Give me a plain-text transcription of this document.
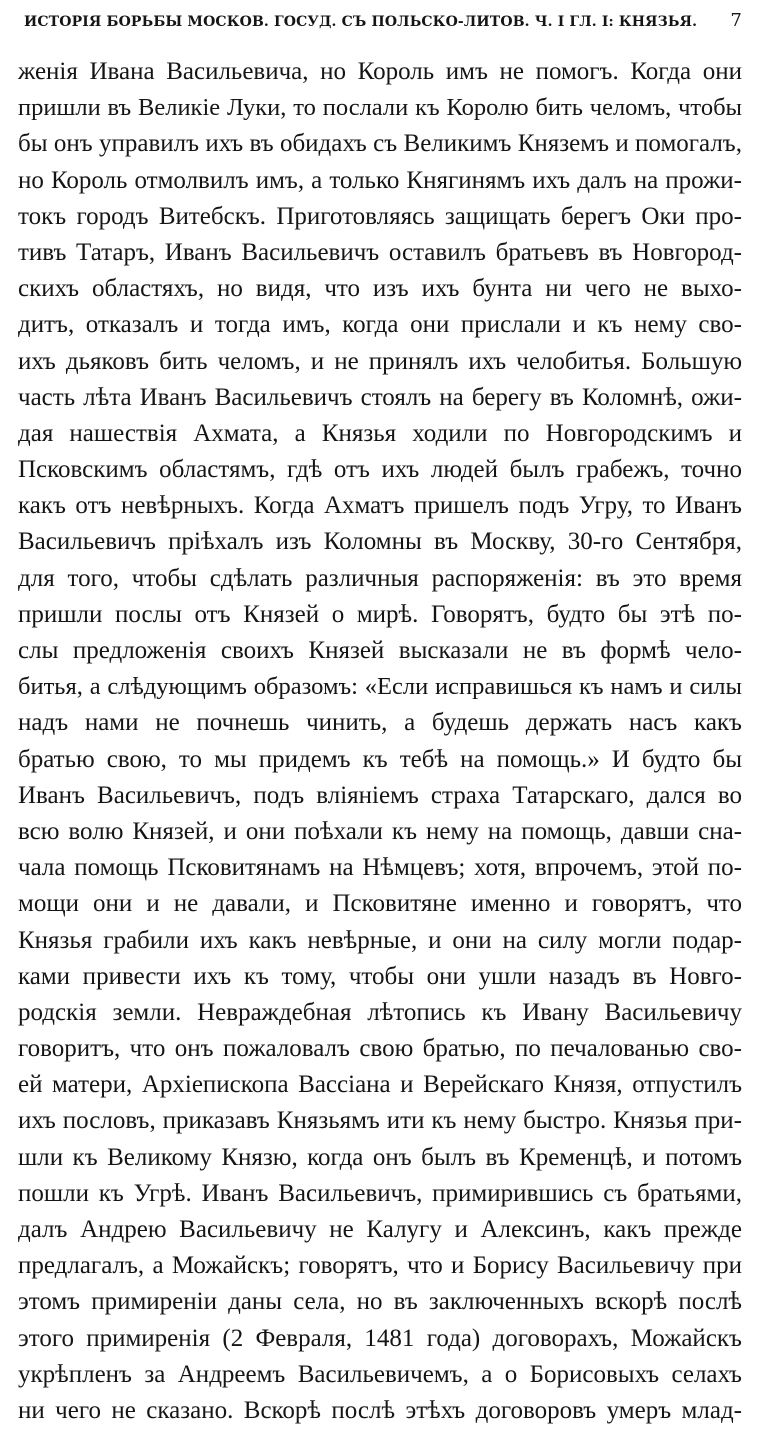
ИСТОРІЯ БОРЬБЫ МОСКОВ. ГОСУД. СЪ ПОЛЬСКО-ЛИТОВ. Ч. I ГЛ. I: КНЯЗЬЯ. 7
женія Ивана Васильевича, но Король имъ не помогъ. Когда они
пришли въ Великіе Луки, то послали къ Королю бить челомъ, чтобы
бы онъ управилъ ихъ въ обидахъ съ Великимъ Княземъ и помогалъ,
но Король отмолвилъ имъ, а только Княгинямъ ихъ далъ на прожи-
токъ городъ Витебскъ. Приготовляясь защищать берегъ Оки про-
тивъ Татаръ, Иванъ Васильевичъ оставилъ братьевъ въ Новгород-
скихъ областяхъ, но видя, что изъ ихъ бунта ни чего не выхо-
дитъ, отказалъ и тогда имъ, когда они прислали и къ нему сво-
ихъ дьяковъ бить челомъ, и не принялъ ихъ челобитья. Большую
часть лѣта Иванъ Васильевичъ стоялъ на берегу въ Коломнѣ, ожи-
дая нашествія Ахмата, а Князья ходили по Новгородскимъ и
Псковскимъ областямъ, гдѣ отъ ихъ людей былъ грабежъ, точно
какъ отъ невѣрныхъ. Когда Ахматъ пришелъ подъ Угру, то Иванъ
Васильевичъ пріѣхалъ изъ Коломны въ Москву, 30-го Сентября,
для того, чтобы сдѣлать различныя распоряженія: въ это время
пришли послы отъ Князей о мирѣ. Говорятъ, будто бы этѣ по-
слы предложенія своихъ Князей высказали не въ формѣ чело-
битья, а слѣдующимъ образомъ: «Если исправишься къ намъ и силы
надъ нами не почнешь чинить, а будешь держать насъ какъ
братью свою, то мы придемъ къ тебѣ на помощь.» И будто бы
Иванъ Васильевичъ, подъ вліяніемъ страха Татарскаго, дался во
всю волю Князей, и они поѣхали къ нему на помощь, давши сна-
чала помощь Псковитянамъ на Нѣмцевъ; хотя, впрочемъ, этой по-
мощи они и не давали, и Псковитяне именно и говорятъ, что
Князья грабили ихъ какъ невѣрные, и они на силу могли подар-
ками привести ихъ къ тому, чтобы они ушли назадъ въ Новго-
родскія земли. Невраждебная лѣтопись къ Ивану Васильевичу
говоритъ, что онъ пожаловалъ свою братью, по печалованью сво-
ей матери, Архіепископа Вассіана и Верейскаго Князя, отпустилъ
ихъ пословъ, приказавъ Князьямъ ити къ нему быстро. Князья при-
шли къ Великому Князю, когда онъ былъ въ Кременцѣ, и потомъ
пошли къ Угрѣ. Иванъ Васильевичъ, примирившись съ братьями,
далъ Андрею Васильевичу не Калугу и Алексинъ, какъ прежде
предлагалъ, а Можайскъ; говорятъ, что и Борису Васильевичу при
этомъ примиреніи даны села, но въ заключенныхъ вскорѣ послѣ
этого примиренія (2 Февраля, 1481 года) договорахъ, Можайскъ
укрѣпленъ за Андреемъ Васильевичемъ, а о Борисовыхъ селахъ
ни чего не сказано. Вскорѣ послѣ этѣхъ договоровъ умеръ млад-
